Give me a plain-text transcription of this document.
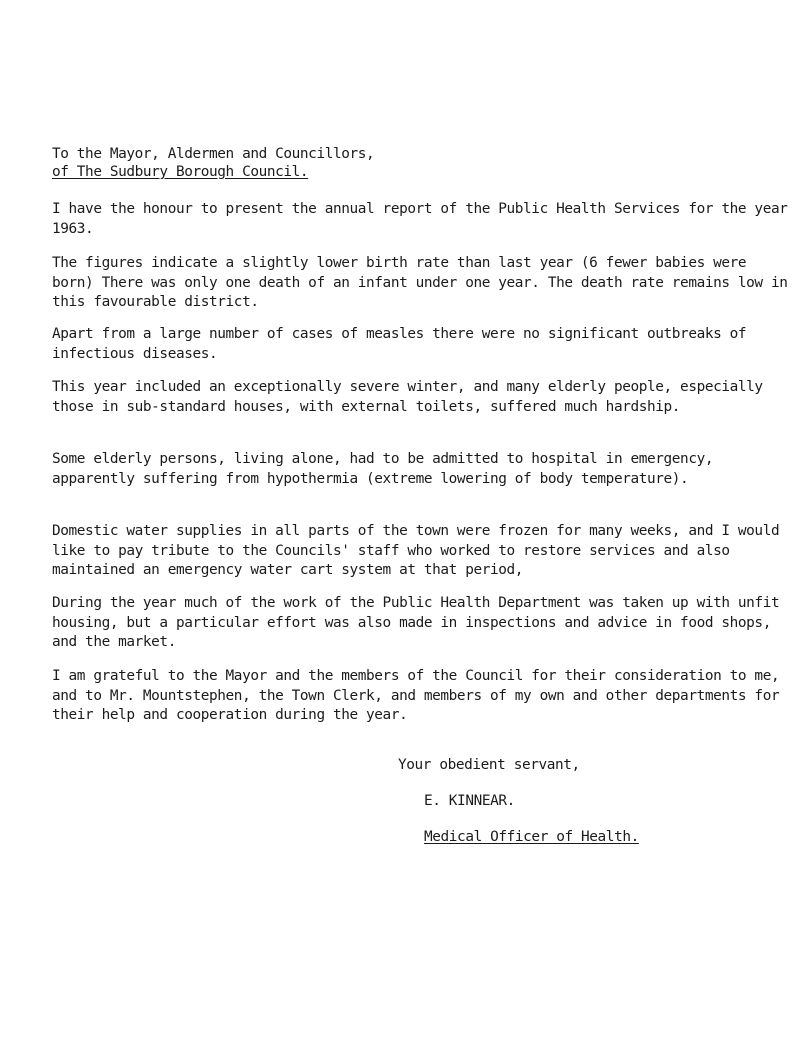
To the Mayor, Aldermen and Councillors,
of The Sudbury Borough Council.
I have the honour to present the annual report of the Public Health Services for the year 1963.
The figures indicate a slightly lower birth rate than last year (6 fewer babies were born) There was only one death of an infant under one year. The death rate remains low in this favourable district.
Apart from a large number of cases of measles there were no significant outbreaks of infectious diseases.
This year included an exceptionally severe winter, and many elderly people, especially those in sub-standard houses, with external toilets, suffered much hardship.
Some elderly persons, living alone, had to be admitted to hospital in emergency, apparently suffering from hypothermia (extreme lowering of body temperature).
Domestic water supplies in all parts of the town were frozen for many weeks, and I would like to pay tribute to the Councils' staff who worked to restore services and also maintained an emergency water cart system at that period,
During the year much of the work of the Public Health Department was taken up with unfit housing, but a particular effort was also made in inspections and advice in food shops, and the market.
I am grateful to the Mayor and the members of the Council for their consideration to me, and to Mr. Mountstephen, the Town Clerk, and members of my own and other departments for their help and cooperation during the year.
Your obedient servant,
E. KINNEAR.
Medical Officer of Health.
